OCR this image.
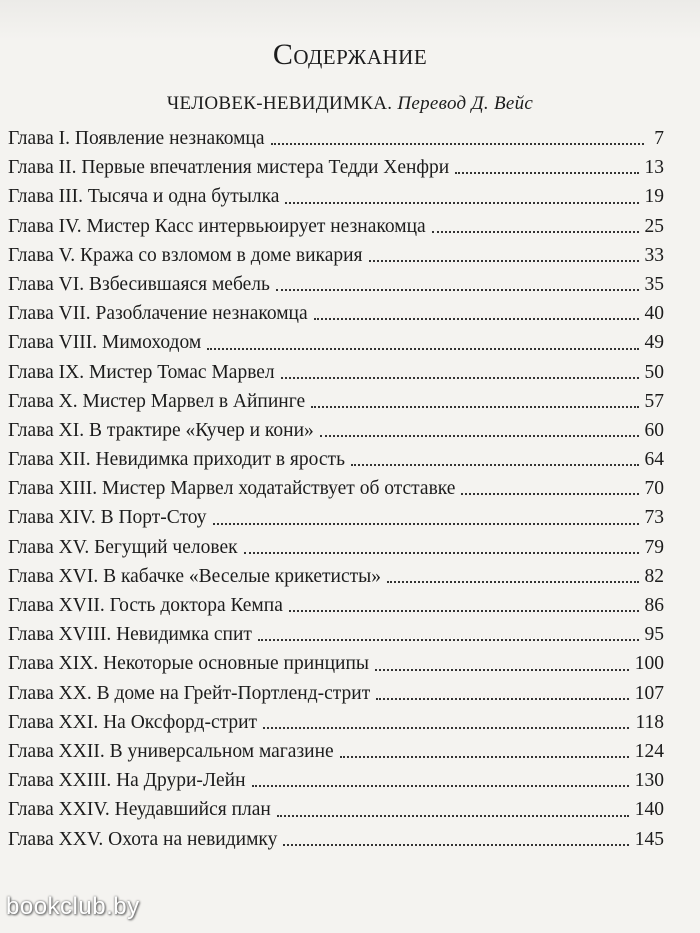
Содержание
ЧЕЛОВЕК-НЕВИДИМКА. Перевод Д. Вейс
Глава I. Появление незнакомца	7
Глава II. Первые впечатления мистера Тедди Хенфри	13
Глава III. Тысяча и одна бутылка	19
Глава IV. Мистер Касс интервьюирует незнакомца	25
Глава V. Кража со взломом в доме викария	33
Глава VI. Взбесившаяся мебель	35
Глава VII. Разоблачение незнакомца	40
Глава VIII. Мимоходом	49
Глава IX. Мистер Томас Марвел	50
Глава X. Мистер Марвел в Айпинге	57
Глава XI. В трактире «Кучер и кони»	60
Глава XII. Невидимка приходит в ярость	64
Глава XIII. Мистер Марвел ходатайствует об отставке	70
Глава XIV. В Порт-Стоу	73
Глава XV. Бегущий человек	79
Глава XVI. В кабачке «Веселые крикетисты»	82
Глава XVII. Гость доктора Кемпа	86
Глава XVIII. Невидимка спит	95
Глава XIX. Некоторые основные принципы	100
Глава XX. В доме на Грейт-Портленд-стрит	107
Глава XXI. На Оксфорд-стрит	118
Глава XXII. В универсальном магазине	124
Глава XXIII. На Друри-Лейн	130
Глава XXIV. Неудавшийся план	140
Глава XXV. Охота на невидимку	145
bookclub.by
